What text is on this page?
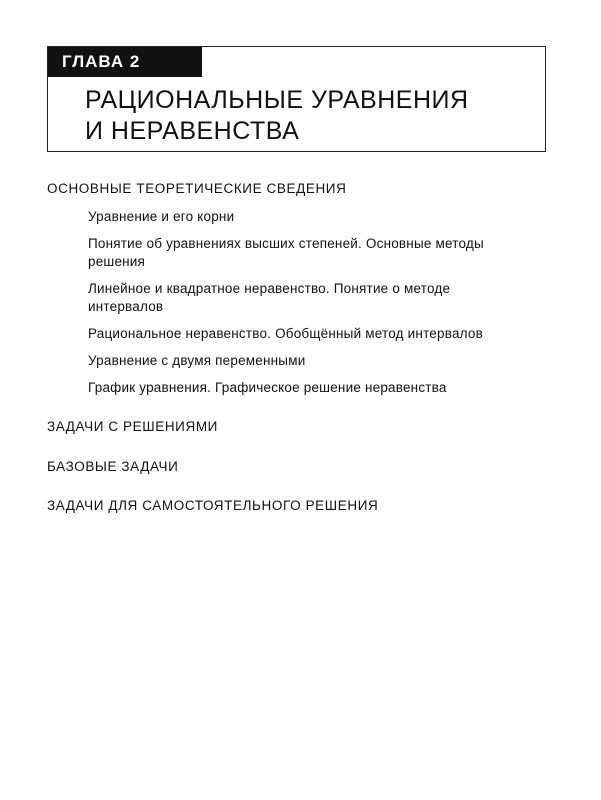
ГЛАВА 2
РАЦИОНАЛЬНЫЕ УРАВНЕНИЯ
И НЕРАВЕНСТВА
ОСНОВНЫЕ ТЕОРЕТИЧЕСКИЕ СВЕДЕНИЯ
Уравнение и его корни
Понятие об уравнениях высших степеней. Основные методы
решения
Линейное и квадратное неравенство. Понятие о методе
интервалов
Рациональное неравенство. Обобщённый метод интервалов
Уравнение с двумя переменными
График уравнения. Графическое решение неравенства
ЗАДАЧИ С РЕШЕНИЯМИ
БАЗОВЫЕ ЗАДАЧИ
ЗАДАЧИ ДЛЯ САМОСТОЯТЕЛЬНОГО РЕШЕНИЯ
